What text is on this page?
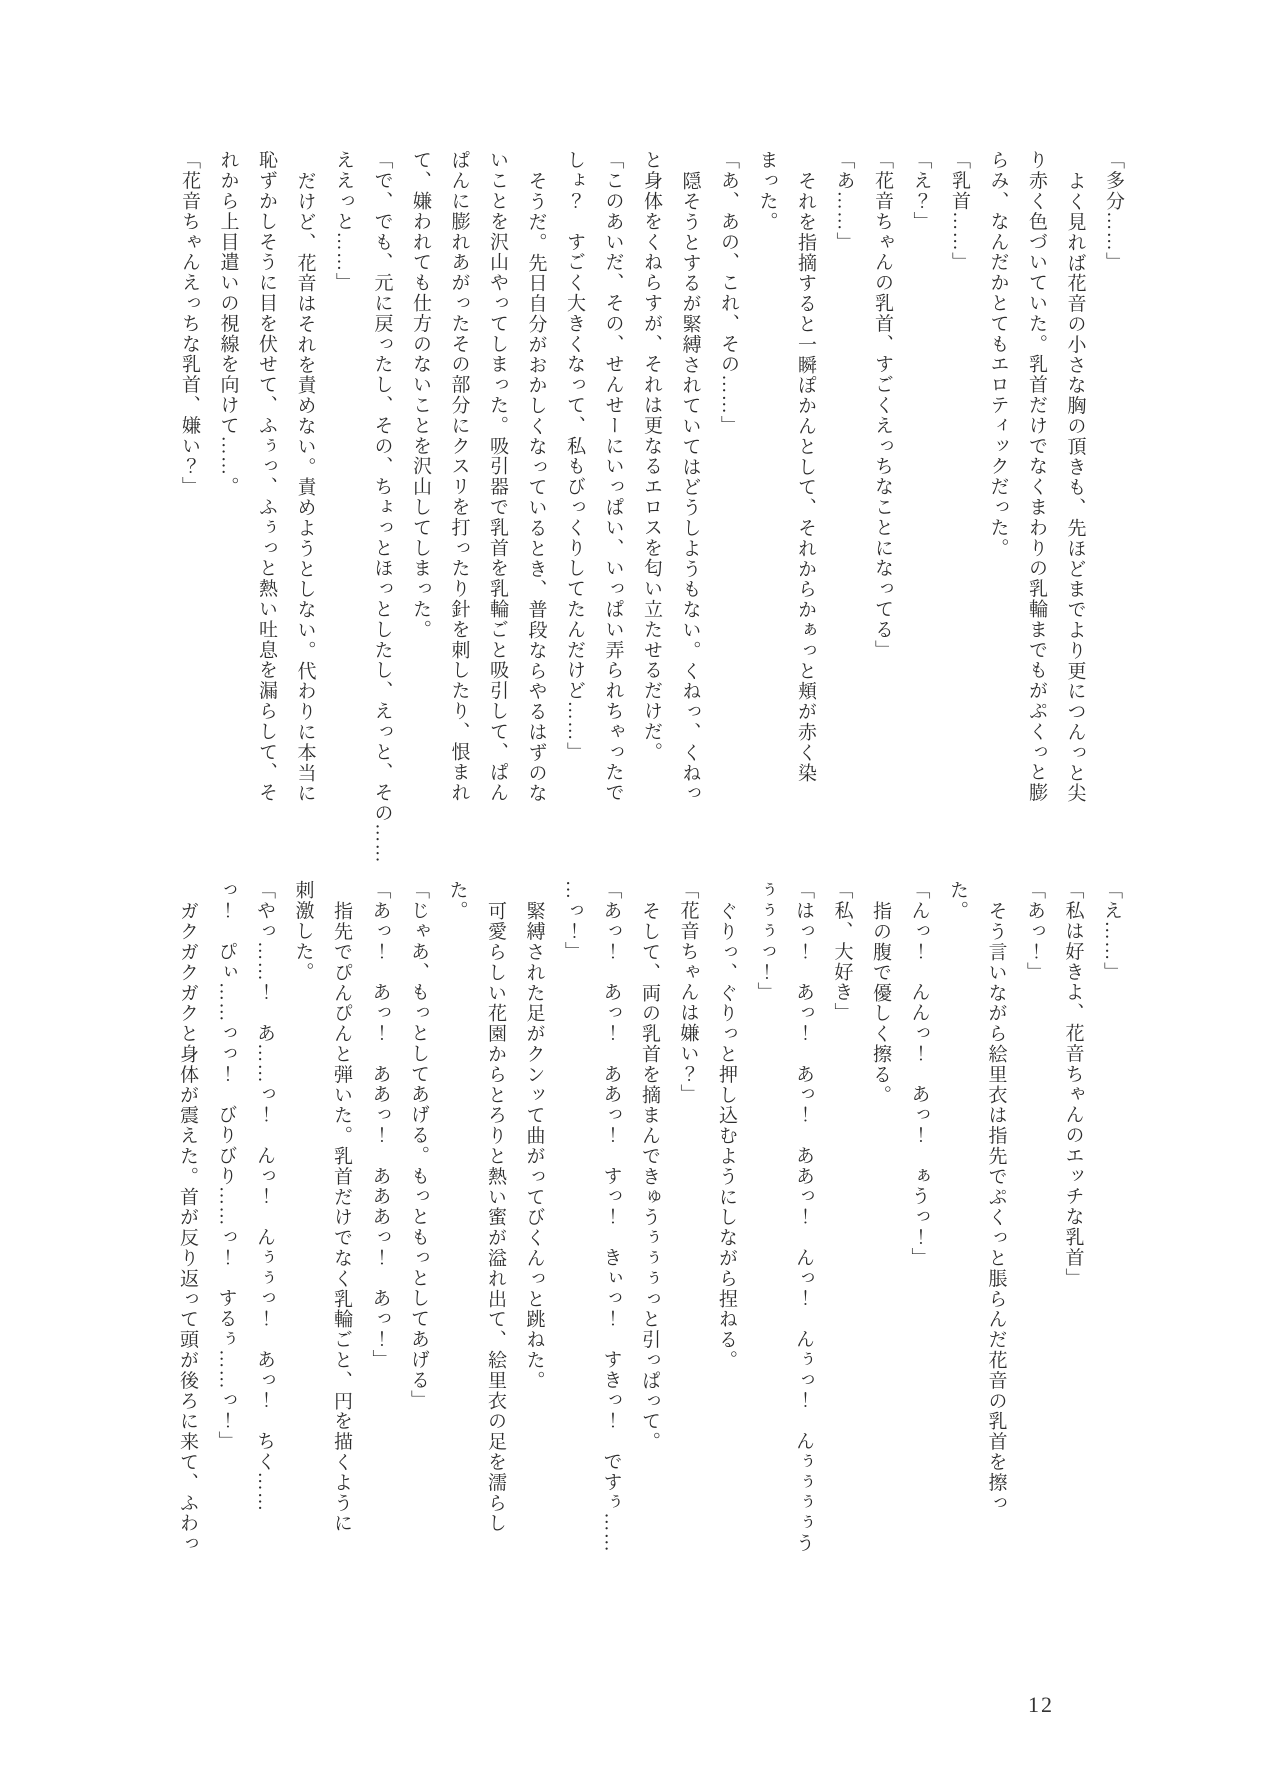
「多分……」
よく見れば花音の小さな胸の頂きも、先ほどまでより更につんっと尖
り赤く色づいていた。乳首だけでなくまわりの乳輪までもがぷくっと膨
らみ、なんだかとてもエロティックだった。
「乳首……」
「え？」
「花音ちゃんの乳首、すごくえっちなことになってる」
「あ……」
それを指摘すると一瞬ぽかんとして、それからかぁっと頬が赤く染
まった。
「あ、あの、これ、その……」
隠そうとするが緊縛されていてはどうしようもない。くねっ、くねっ
と身体をくねらすが、それは更なるエロスを匂い立たせるだけだ。
「このあいだ、その、せんせーにいっぱい、いっぱい弄られちゃったで
しょ？　すごく大きくなって、私もびっくりしてたんだけど……」
そうだ。先日自分がおかしくなっているとき、普段ならやるはずのな
いことを沢山やってしまった。吸引器で乳首を乳輪ごと吸引して、ぱん
ぱんに膨れあがったその部分にクスリを打ったり針を刺したり、恨まれ
て、嫌われても仕方のないことを沢山してしまった。
「で、でも、元に戻ったし、その、ちょっとほっとしたし、えっと、その……
ええっと……」
だけど、花音はそれを責めない。責めようとしない。代わりに本当に
恥ずかしそうに目を伏せて、ふぅっ、ふぅっと熱い吐息を漏らして、そ
れから上目遣いの視線を向けて……。
「花音ちゃんえっちな乳首、嫌い？」
「え……」
「私は好きよ、花音ちゃんのエッチな乳首」
「あっ！」
そう言いながら絵里衣は指先でぷくっと脹らんだ花音の乳首を擦っ
た。
「んっ！　んんっ！　あっ！　ぁうっ！」
指の腹で優しく擦る。
「私、大好き」
「はっ！　あっ！　あっ！　ああっ！　んっ！　んぅっ！　んぅぅぅぅう
ぅぅぅっ！」
ぐりっ、ぐりっと押し込むようにしながら捏ねる。
「花音ちゃんは嫌い？」
そして、両の乳首を摘まんできゅうぅぅぅっと引っぱって。
「あっ！　あっ！　ああっ！　すっ！　きぃっ！　すきっ！　ですぅ……
…っ！」
緊縛された足がクンッて曲がってびくんっと跳ねた。
可愛らしい花園からとろりと熱い蜜が溢れ出て、絵里衣の足を濡らし
た。
「じゃあ、もっとしてあげる。もっともっとしてあげる」
「あっ！　あっ！　ああっ！　あああっ！　あっ！」
指先でぴんぴんと弾いた。乳首だけでなく乳輪ごと、円を描くように
刺激した。
「やっ……！　あ……っ！　んっ！　んぅぅっ！　あっ！　ちく……
っ！　ぴぃ……っっ！　びりびり……っ！　するぅ……っ！」
ガクガクガクと身体が震えた。首が反り返って頭が後ろに来て、ふわっ
12
